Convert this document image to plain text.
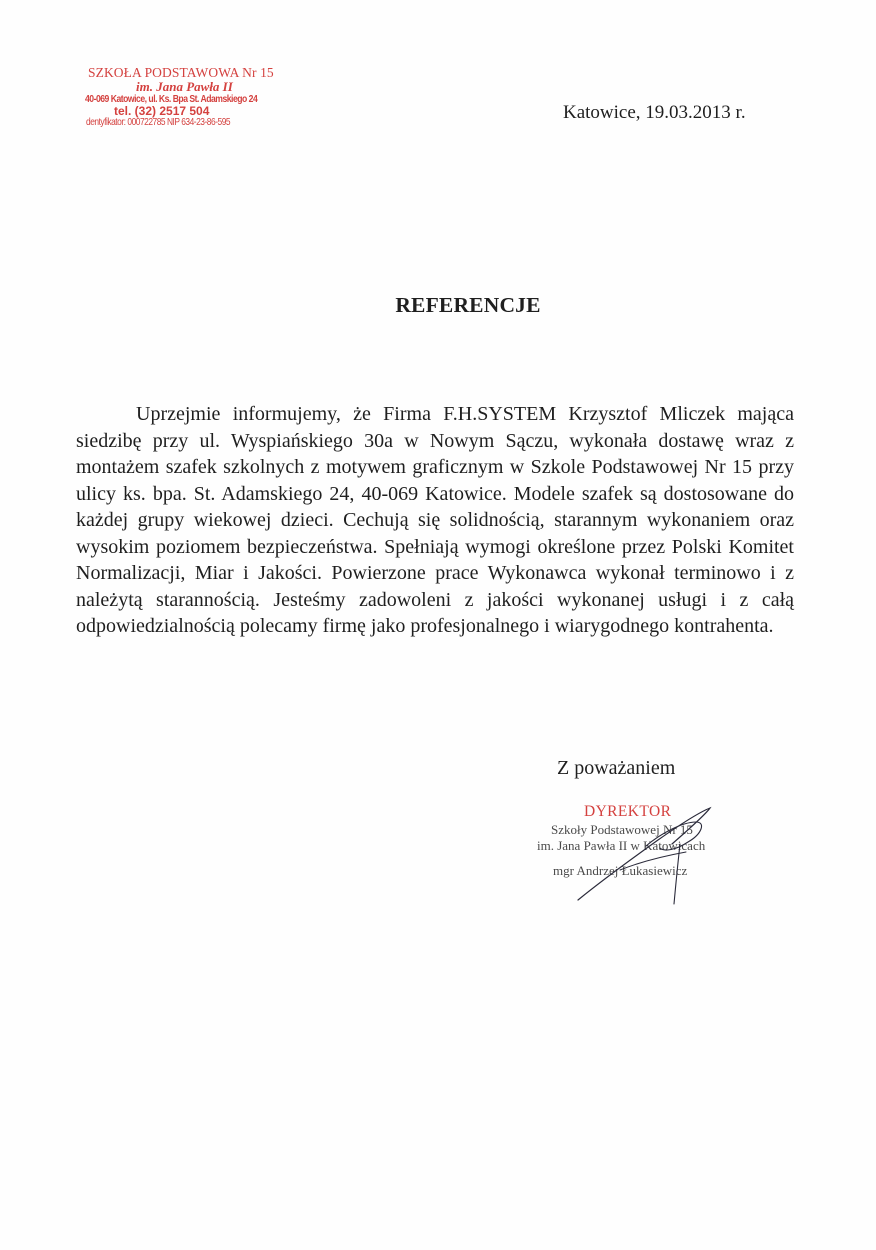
SZKOŁA PODSTAWOWA Nr 15
im. Jana Pawła II
40-069 Katowice, ul. Ks. Bpa St. Adamskiego 24
tel. (32) 2517 504
dentyfikator: 000722785 NIP 634-23-86-595	Katowice, 19.03.2013 r.
REFERENCJE

Uprzejmie informujemy, że Firma F.H.SYSTEM Krzysztof Mliczek mająca siedzibę przy ul. Wyspiańskiego 30a w Nowym Sączu, wykonała dostawę wraz z montażem szafek szkolnych z motywem graficznym w Szkole Podstawowej Nr 15 przy ulicy ks. bpa. St. Adamskiego 24, 40-069 Katowice. Modele szafek są dostosowane do każdej grupy wiekowej dzieci. Cechują się solidnością, starannym wykonaniem oraz wysokim poziomem bezpieczeństwa. Spełniają wymogi określone przez Polski Komitet Normalizacji, Miar i Jakości. Powierzone prace Wykonawca wykonał terminowo i z należytą starannością. Jesteśmy zadowoleni z jakości wykonanej usługi i z całą odpowiedzialnością polecamy firmę jako profesjonalnego i wiarygodnego kontrahenta.

Z poważaniem
DYREKTOR
Szkoły Podstawowej Nr 15
im. Jana Pawła II w Katowicach
mgr Andrzej Łukasiewicz
